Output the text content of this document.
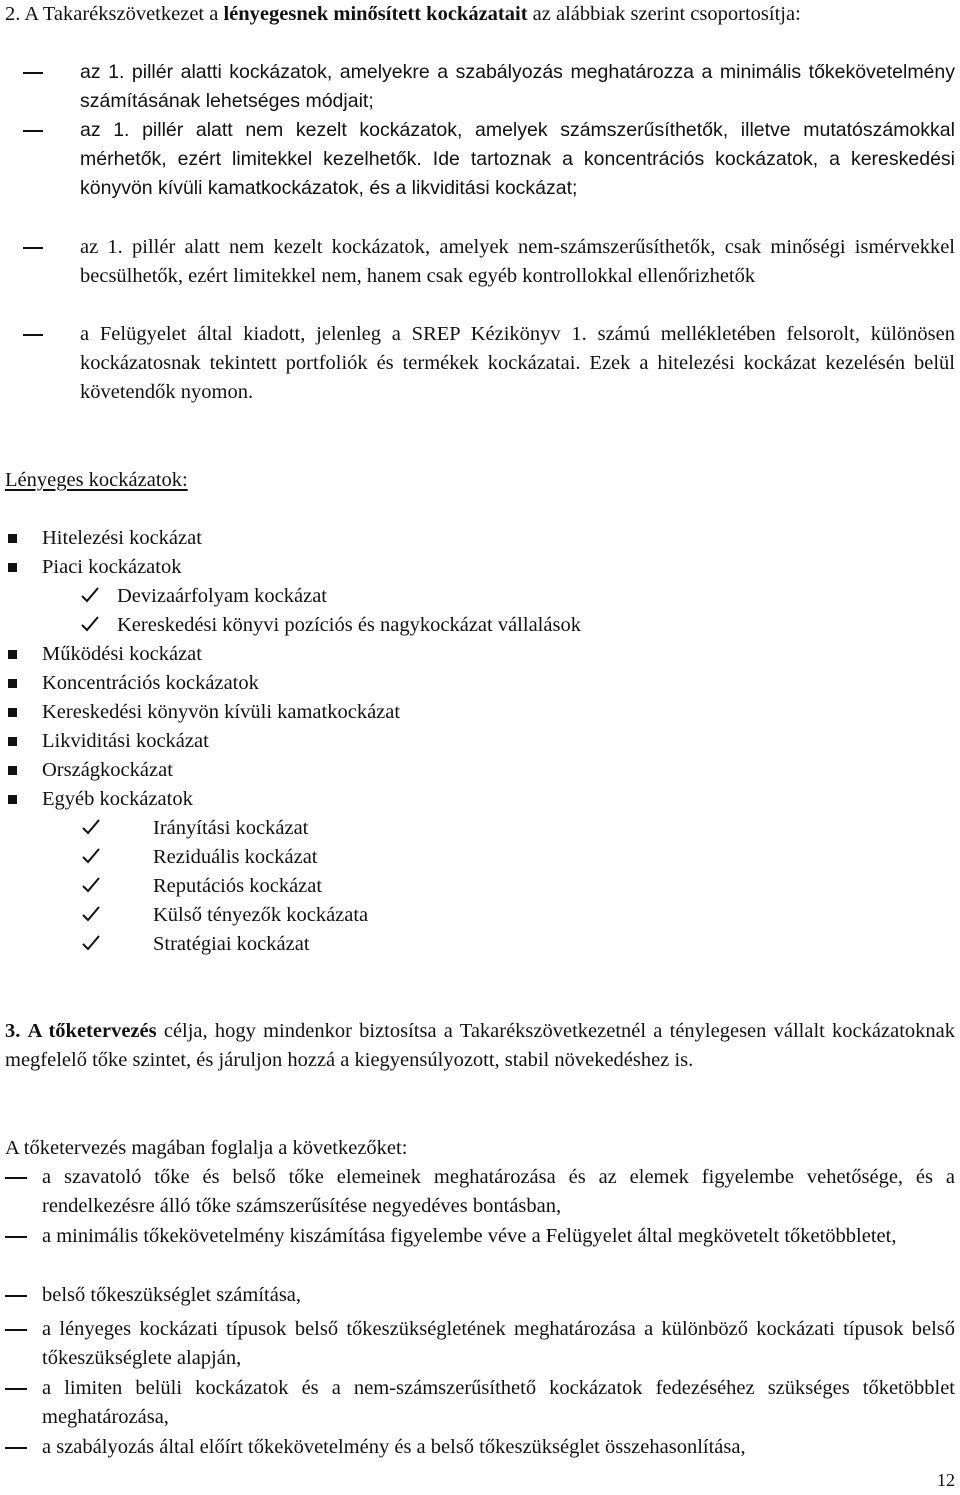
2. A Takarékszövetkezet a lényegesnek minősített kockázatait az alábbiak szerint csoportosítja:

az 1. pillér alatti kockázatok, amelyekre a szabályozás meghatározza a minimális tőkekövetelmény számításának lehetséges módjait;

az 1. pillér alatt nem kezelt kockázatok, amelyek számszerűsíthetők, illetve mutatószámokkal mérhetők, ezért limitekkel kezelhetők. Ide tartoznak a koncentrációs kockázatok, a kereskedési könyvön kívüli kamatkockázatok, és a likviditási kockázat;

az 1. pillér alatt nem kezelt kockázatok, amelyek nem-számszerűsíthetők, csak minőségi ismérvekkel becsülhetők, ezért limitekkel nem, hanem csak egyéb kontrollokkal ellenőrizhetők

a Felügyelet által kiadott, jelenleg a SREP Kézikönyv 1. számú mellékletében felsorolt, különösen kockázatosnak tekintett portfoliók és termékek kockázatai. Ezek a hitelezési kockázat kezelésén belül követendők nyomon.

Lényeges kockázatok:

Hitelezési kockázat
Piaci kockázatok
Devizaárfolyam kockázat
Kereskedési könyvi pozíciós és nagykockázat vállalások
Működési kockázat
Koncentrációs kockázatok
Kereskedési könyvön kívüli kamatkockázat
Likviditási kockázat
Országkockázat
Egyéb kockázatok
Irányítási kockázat
Reziduális kockázat
Reputációs kockázat
Külső tényezők kockázata
Stratégiai kockázat

3. A tőketervezés célja, hogy mindenkor biztosítsa a Takarékszövetkezetnél a ténylegesen vállalt kockázatoknak megfelelő tőke szintet, és járuljon hozzá a kiegyensúlyozott, stabil növekedéshez is.

A tőketervezés magában foglalja a következőket:

a szavatoló tőke és belső tőke elemeinek meghatározása és az elemek figyelembe vehetősége, és a rendelkezésre álló tőke számszerűsítése negyedéves bontásban,

a minimális tőkekövetelmény kiszámítása figyelembe véve a Felügyelet által megkövetelt tőketöbbletet,

belső tőkeszükséglet számítása,

a lényeges kockázati típusok belső tőkeszükségletének meghatározása a különböző kockázati típusok belső tőkeszükséglete alapján,

a limiten belüli kockázatok és a nem-számszerűsíthető kockázatok fedezéséhez szükséges tőketöbblet meghatározása,

a szabályozás által előírt tőkekövetelmény és a belső tőkeszükséglet összehasonlítása,

12
